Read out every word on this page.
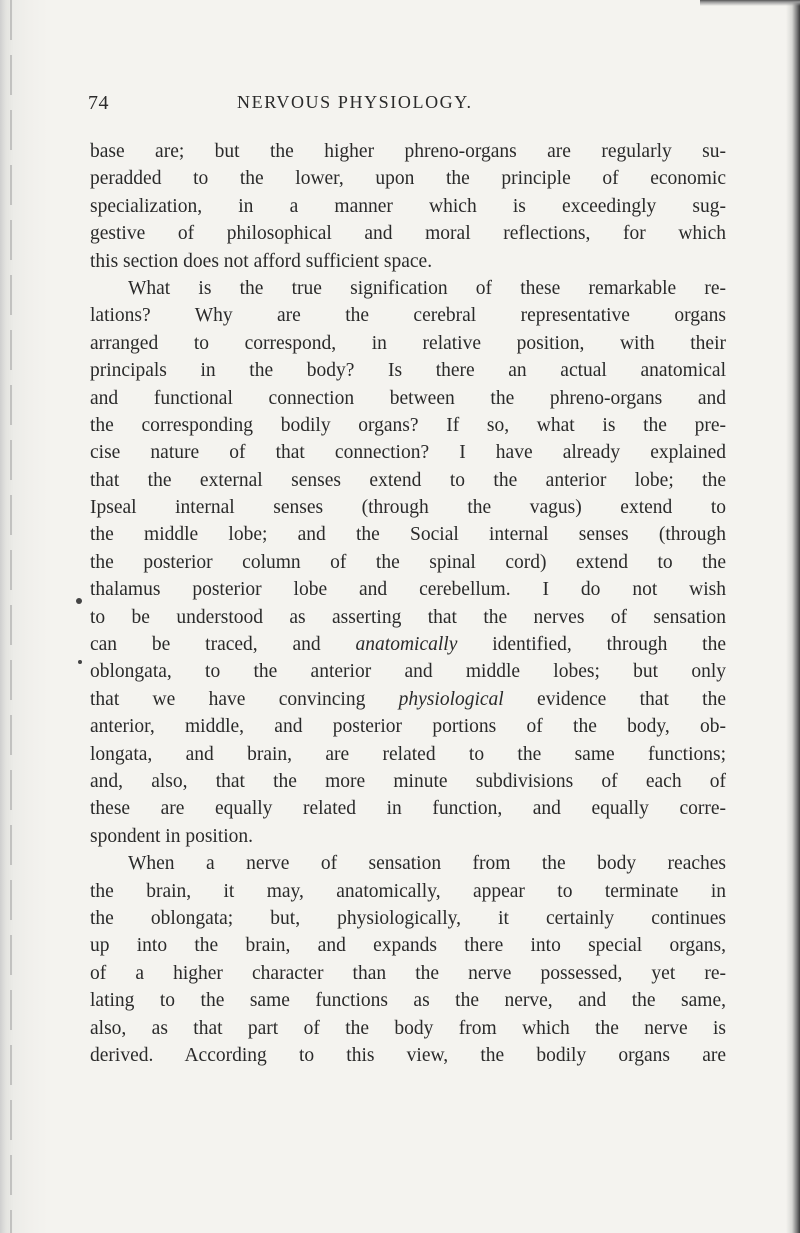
74	NERVOUS PHYSIOLOGY.
base are; but the higher phreno-organs are regularly su-
peradded to the lower, upon the principle of economic
specialization, in a manner which is exceedingly sug-
gestive of philosophical and moral reflections, for which
this section does not afford sufficient space.
What is the true signification of these remarkable re-
lations? Why are the cerebral representative organs
arranged to correspond, in relative position, with their
principals in the body? Is there an actual anatomical
and functional connection between the phreno-organs and
the corresponding bodily organs? If so, what is the pre-
cise nature of that connection? I have already explained
that the external senses extend to the anterior lobe; the
Ipseal internal senses (through the vagus) extend to
the middle lobe; and the Social internal senses (through
the posterior column of the spinal cord) extend to the
thalamus posterior lobe and cerebellum. I do not wish
to be understood as asserting that the nerves of sensation
can be traced, and anatomically identified, through the
oblongata, to the anterior and middle lobes; but only
that we have convincing physiological evidence that the
anterior, middle, and posterior portions of the body, ob-
longata, and brain, are related to the same functions;
and, also, that the more minute subdivisions of each of
these are equally related in function, and equally corre-
spondent in position.
When a nerve of sensation from the body reaches
the brain, it may, anatomically, appear to terminate in
the oblongata; but, physiologically, it certainly continues
up into the brain, and expands there into special organs,
of a higher character than the nerve possessed, yet re-
lating to the same functions as the nerve, and the same,
also, as that part of the body from which the nerve is
derived. According to this view, the bodily organs are
